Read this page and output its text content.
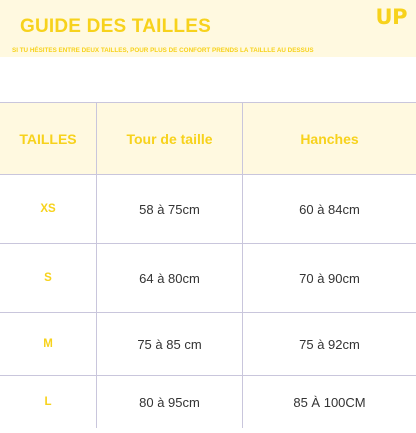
GUIDE DES TAILLES	UP
SI TU HÉSITES ENTRE DEUX TAILLES, POUR PLUS DE CONFORT PRENDS LA TAILLLE AU DESSUS
TAILLES	Tour de taille	Hanches
XS	58 à 75cm	60 à 84cm
S	64 à 80cm	70 à 90cm
M	75 à 85 cm	75 à 92cm
L	80 à 95cm	85 À 100CM
